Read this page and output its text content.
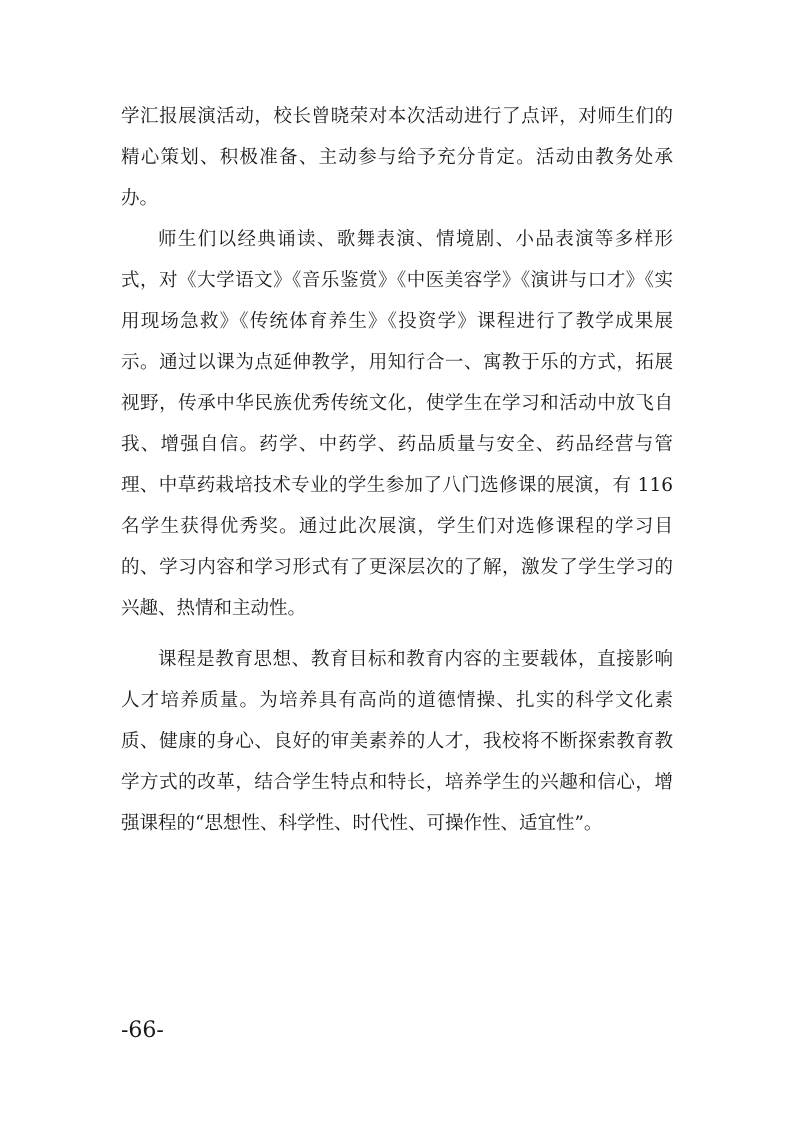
学汇报展演活动，校长曾晓荣对本次活动进行了点评，对师生们的
精心策划、积极准备、主动参与给予充分肯定。活动由教务处承
办。
师生们以经典诵读、歌舞表演、情境剧、小品表演等多样形
式，对《大学语文》《音乐鉴赏》《中医美容学》《演讲与口才》《实
用现场急救》《传统体育养生》《投资学》课程进行了教学成果展
示。通过以课为点延伸教学，用知行合一、寓教于乐的方式，拓展
视野，传承中华民族优秀传统文化，使学生在学习和活动中放飞自
我、增强自信。药学、中药学、药品质量与安全、药品经营与管
理、中草药栽培技术专业的学生参加了八门选修课的展演，有 116
名学生获得优秀奖。通过此次展演，学生们对选修课程的学习目
的、学习内容和学习形式有了更深层次的了解，激发了学生学习的
兴趣、热情和主动性。
课程是教育思想、教育目标和教育内容的主要载体，直接影响
人才培养质量。为培养具有高尚的道德情操、扎实的科学文化素
质、健康的身心、良好的审美素养的人才，我校将不断探索教育教
学方式的改革，结合学生特点和特长，培养学生的兴趣和信心，增
强课程的“思想性、科学性、时代性、可操作性、适宜性”。
-66-
